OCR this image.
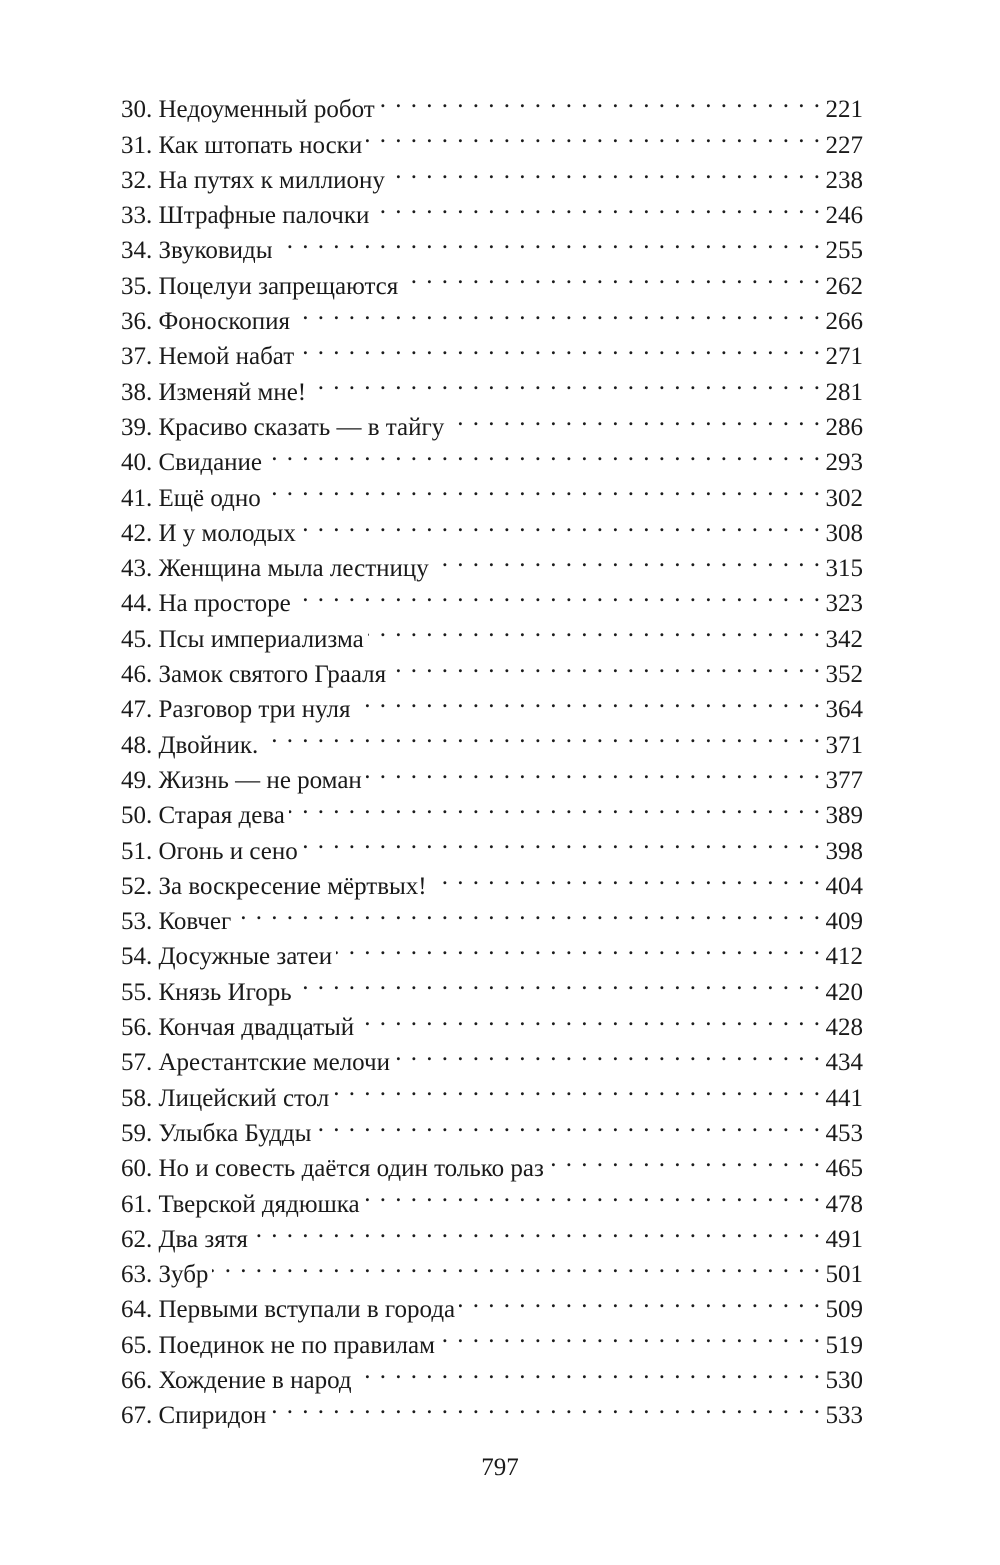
30. Недоуменный робот . . .	221
31. Как штопать носки . . .	227
32. На путях к миллиону . . .	238
33. Штрафные палочки . . .	246
34. Звуковиды . . .	255
35. Поцелуи запрещаются . . .	262
36. Фоноскопия . . .	266
37. Немой набат . . .	271
38. Изменяй мне! . . .	281
39. Красиво сказать — в тайгу . . .	286
40. Свидание . . .	293
41. Ещё одно . . .	302
42. И у молодых . . .	308
43. Женщина мыла лестницу . . .	315
44. На просторе . . .	323
45. Псы империализма . . .	342
46. Замок святого Грааля . . .	352
47. Разговор три нуля . . .	364
48. Двойник. . . .	371
49. Жизнь — не роман . . .	377
50. Старая дева . . .	389
51. Огонь и сено . . .	398
52. За воскресение мёртвых! . . .	404
53. Ковчег . . .	409
54. Досужные затеи . . .	412
55. Князь Игорь . . .	420
56. Кончая двадцатый . . .	428
57. Арестантские мелочи . . .	434
58. Лицейский стол . . .	441
59. Улыбка Будды . . .	453
60. Но и совесть даётся один только раз . . .	465
61. Тверской дядюшка . . .	478
62. Два зятя . . .	491
63. Зубр . . .	501
64. Первыми вступали в города . . .	509
65. Поединок не по правилам . . .	519
66. Хождение в народ . . .	530
67. Спиридон . . .	533
797
